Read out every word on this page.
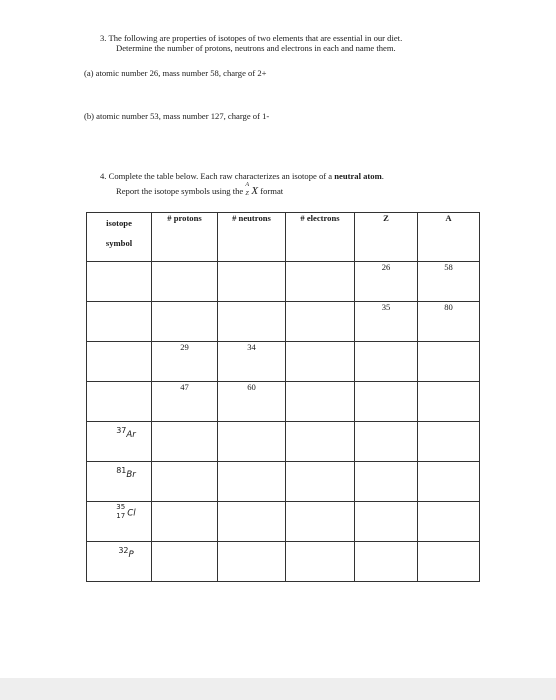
3. The following are properties of isotopes of two elements that are essential in our diet.
Determine the number of protons, neutrons and electrons in each and name them.
(a) atomic number 26, mass number 58, charge of 2+
(b) atomic number 53, mass number 127, charge of 1-
4. Complete the table below. Each raw characterizes an isotope of a neutral atom.
Report the isotope symbols using the
A
Z X format
isotope
symbol	# protons	# neutrons	# electrons	Z	A
				26	58
				35	80
	29	34			
	47	60			
37Ar					
81Br					

35
17 Cl					
32P					
